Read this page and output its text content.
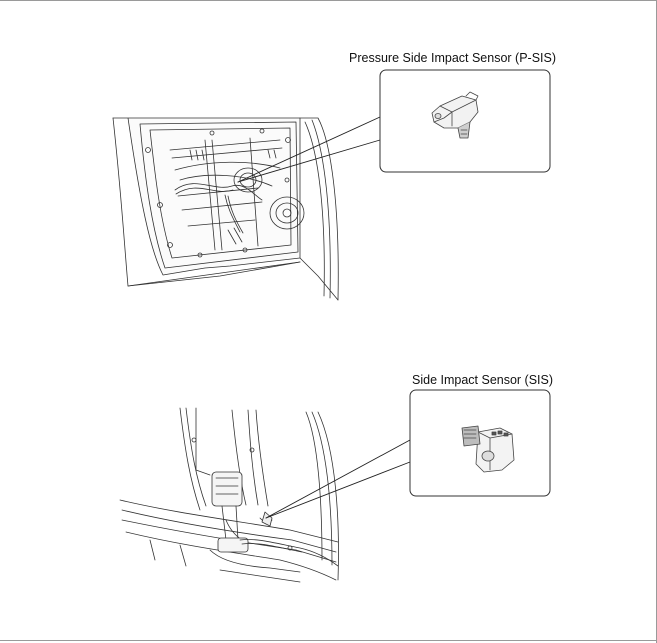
Pressure Side Impact Sensor (P-SIS)
Side Impact Sensor (SIS)
